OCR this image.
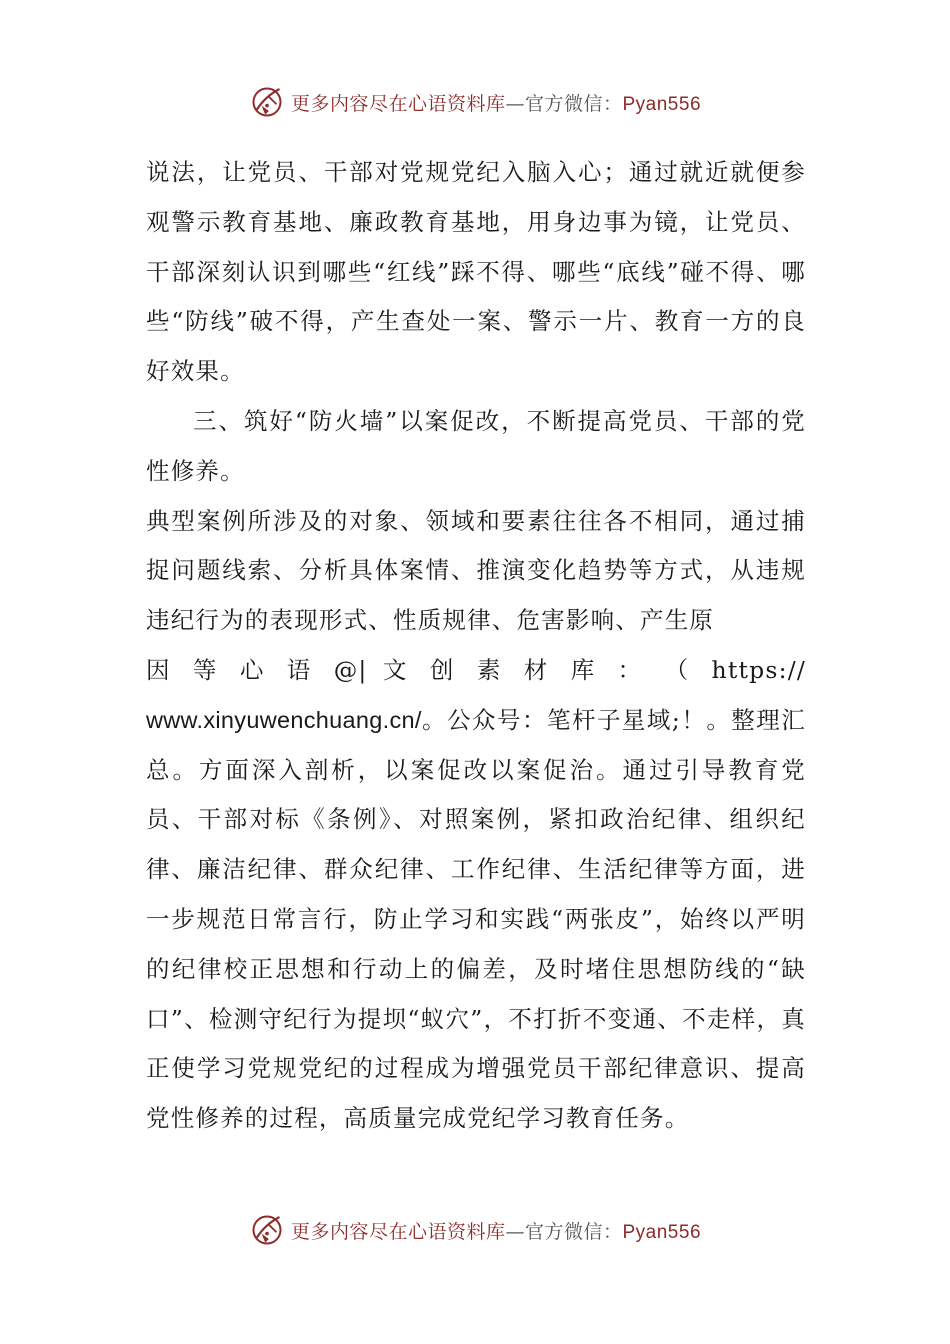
更多内容尽在心语资料库—官方微信：Pyan556

说法，让党员、干部对党规党纪入脑入心；通过就近就便参观警示教育基地、廉政教育基地，用身边事为镜，让党员、干部深刻认识到哪些“红线”踩不得、哪些“底线”碰不得、哪些“防线”破不得，产生查处一案、警示一片、教育一方的良好效果。

三、筑好“防火墙”以案促改，不断提高党员、干部的党性修养。

典型案例所涉及的对象、领域和要素往往各不相同，通过捕捉问题线索、分析具体案情、推演变化趋势等方式，从违规违纪行为的表现形式、性质规律、危害影响、产生原

因 等 心 语 @| 文 创 素 材 库 ： （ https://

www.xinyuwenchuang.cn/。公众号：笔杆子星域;！。整理汇总。方面深入剖析，以案促改以案促治。通过引导教育党员、干部对标《条例》、对照案例，紧扣政治纪律、组织纪律、廉洁纪律、群众纪律、工作纪律、生活纪律等方面，进一步规范日常言行，防止学习和实践“两张皮”，始终以严明的纪律校正思想和行动上的偏差，及时堵住思想防线的“缺口”、检测守纪行为提坝“蚁穴”，不打折不变通、不走样，真正使学习党规党纪的过程成为增强党员干部纪律意识、提高党性修养的过程，高质量完成党纪学习教育任务。

更多内容尽在心语资料库—官方微信：Pyan556
